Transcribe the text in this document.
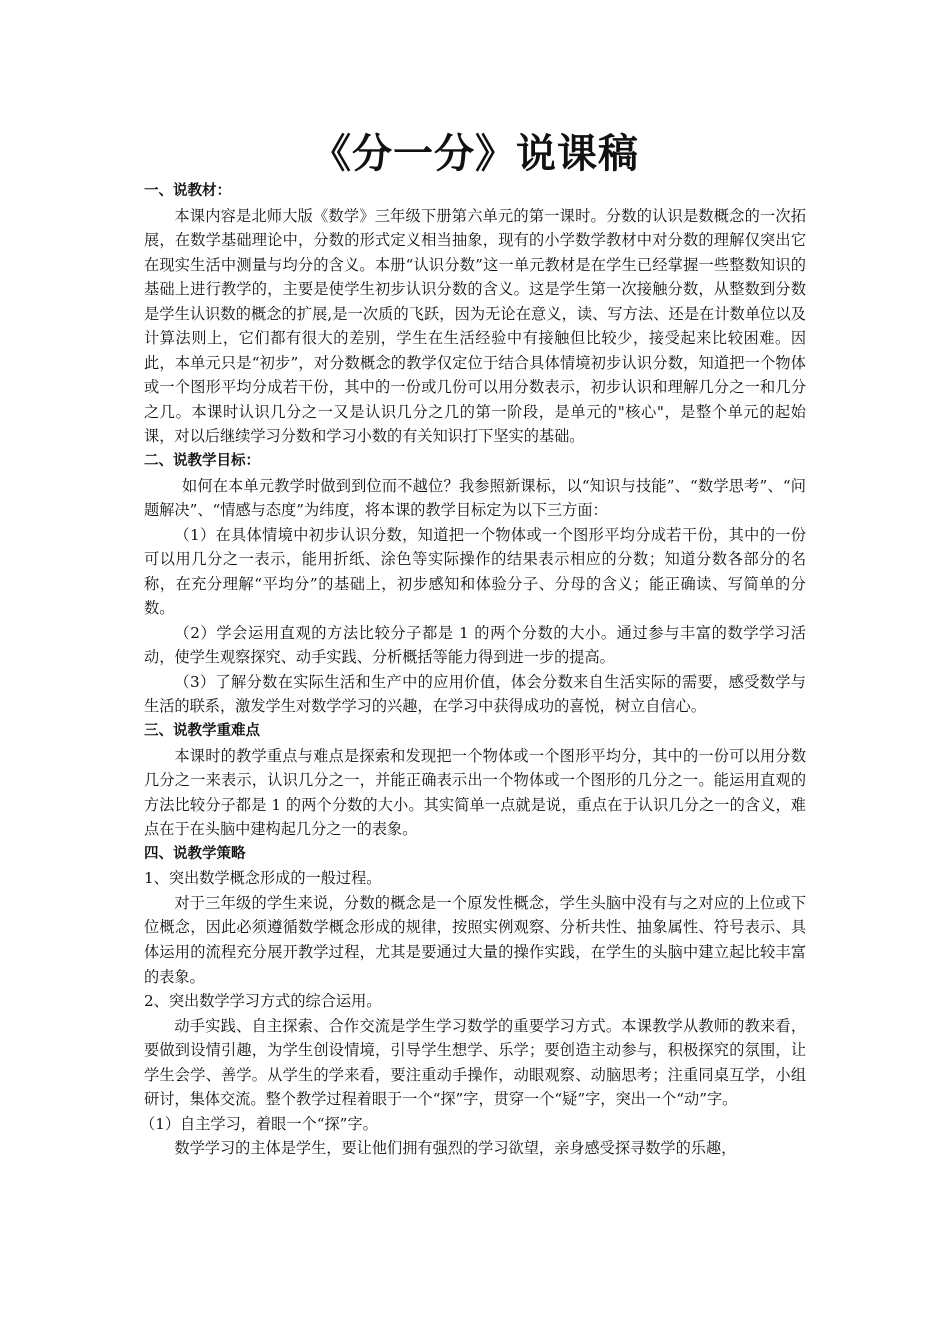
《分一分》说课稿

一、说教材：

本课内容是北师大版《数学》三年级下册第六单元的第一课时。分数的认识是数概念的一次拓展，在数学基础理论中，分数的形式定义相当抽象，现有的小学数学教材中对分数的理解仅突出它在现实生活中测量与均分的含义。本册“认识分数”这一单元教材是在学生已经掌握一些整数知识的基础上进行教学的，主要是使学生初步认识分数的含义。这是学生第一次接触分数，从整数到分数是学生认识数的概念的扩展,是一次质的飞跃，因为无论在意义，读、写方法、还是在计数单位以及计算法则上，它们都有很大的差别，学生在生活经验中有接触但比较少，接受起来比较困难。因此，本单元只是“初步”，对分数概念的教学仅定位于结合具体情境初步认识分数，知道把一个物体或一个图形平均分成若干份，其中的一份或几份可以用分数表示，初步认识和理解几分之一和几分之几。本课时认识几分之一又是认识几分之几的第一阶段，是单元的"核心"，是整个单元的起始课，对以后继续学习分数和学习小数的有关知识打下坚实的基础。

二、说教学目标：

如何在本单元教学时做到到位而不越位？我参照新课标，以“知识与技能”、“数学思考”、“问题解决”、“情感与态度”为纬度，将本课的教学目标定为以下三方面：

（1）在具体情境中初步认识分数，知道把一个物体或一个图形平均分成若干份，其中的一份可以用几分之一表示，能用折纸、涂色等实际操作的结果表示相应的分数；知道分数各部分的名称，在充分理解“平均分”的基础上，初步感知和体验分子、分母的含义；能正确读、写简单的分数。

（2）学会运用直观的方法比较分子都是 1 的两个分数的大小。通过参与丰富的数学学习活动，使学生观察探究、动手实践、分析概括等能力得到进一步的提高。

（3）了解分数在实际生活和生产中的应用价值，体会分数来自生活实际的需要，感受数学与生活的联系，激发学生对数学学习的兴趣，在学习中获得成功的喜悦，树立自信心。

三、说教学重难点

本课时的教学重点与难点是探索和发现把一个物体或一个图形平均分，其中的一份可以用分数几分之一来表示，认识几分之一，并能正确表示出一个物体或一个图形的几分之一。能运用直观的方法比较分子都是 1 的两个分数的大小。其实简单一点就是说，重点在于认识几分之一的含义，难点在于在头脑中建构起几分之一的表象。

四、说教学策略

1、突出数学概念形成的一般过程。

对于三年级的学生来说，分数的概念是一个原发性概念，学生头脑中没有与之对应的上位或下位概念，因此必须遵循数学概念形成的规律，按照实例观察、分析共性、抽象属性、符号表示、具体运用的流程充分展开教学过程，尤其是要通过大量的操作实践，在学生的头脑中建立起比较丰富的表象。

2、突出数学学习方式的综合运用。

动手实践、自主探索、合作交流是学生学习数学的重要学习方式。本课教学从教师的教来看，要做到设情引趣，为学生创设情境，引导学生想学、乐学；要创造主动参与，积极探究的氛围，让学生会学、善学。从学生的学来看，要注重动手操作，动眼观察、动脑思考；注重同桌互学，小组研讨，集体交流。整个教学过程着眼于一个“探”字，贯穿一个“疑”字，突出一个“动”字。

（1）自主学习，着眼一个“探”字。

数学学习的主体是学生，要让他们拥有强烈的学习欲望，亲身感受探寻数学的乐趣，
